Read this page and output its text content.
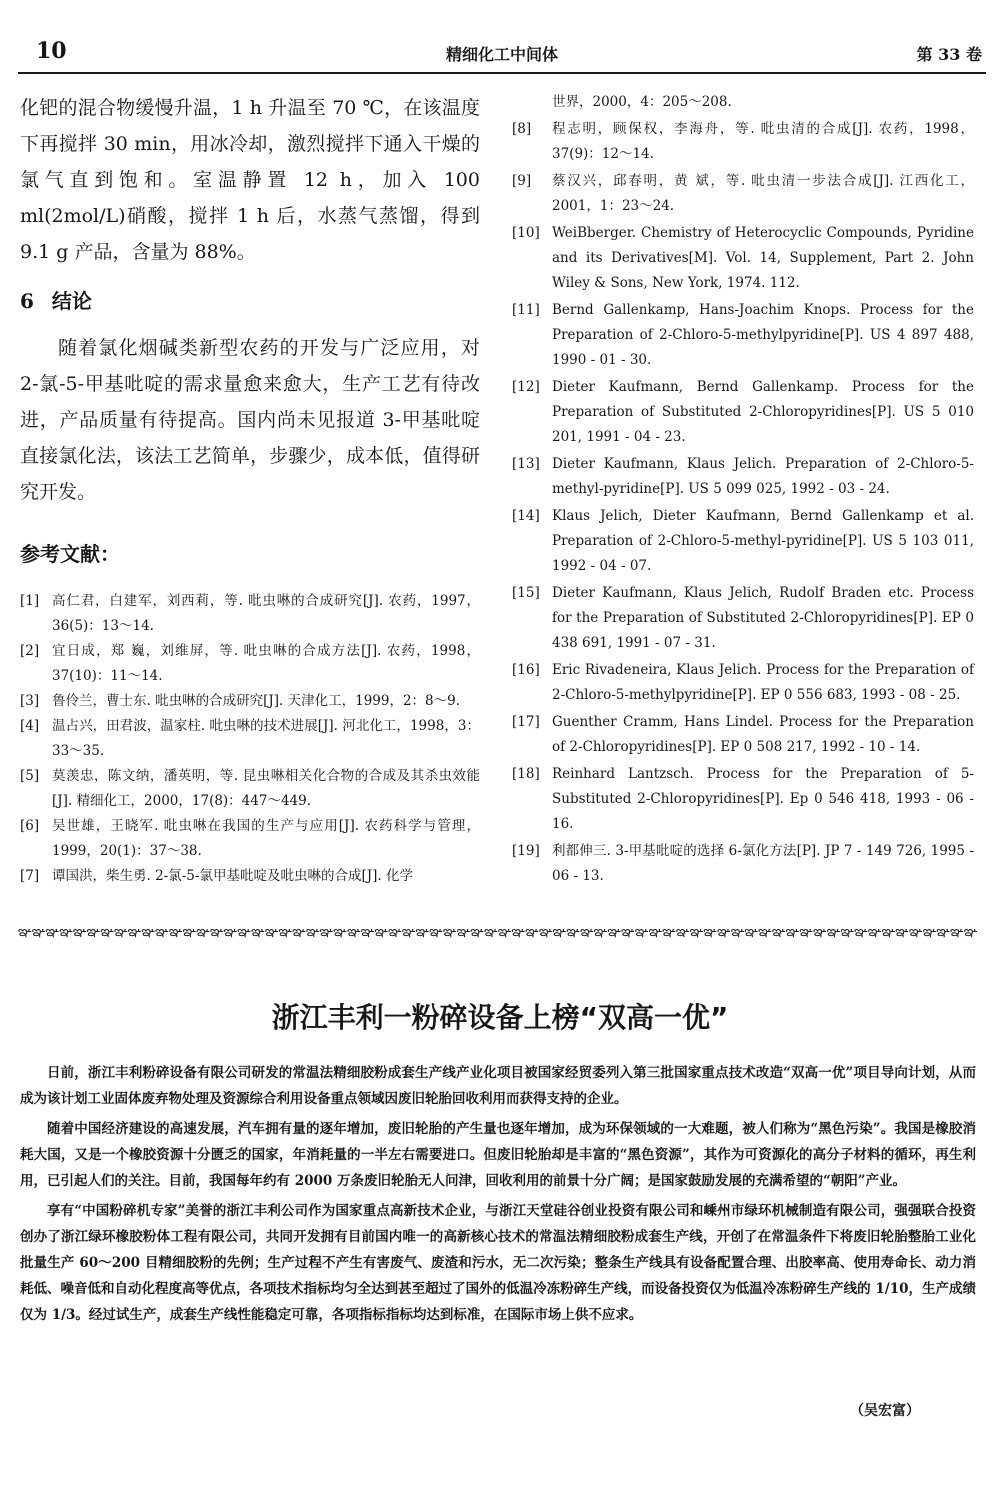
10	精细化工中间体	第 33 卷

化钯的混合物缓慢升温，1 h 升温至 70 ℃，在该温度下再搅拌 30 min，用冰冷却，激烈搅拌下通入干燥的氯气直到饱和。室温静置 12 h，加入 100 ml(2mol/L)硝酸，搅拌 1 h 后，水蒸气蒸馏，得到 9.1 g 产品，含量为 88%。

6 结论

随着氯化烟碱类新型农药的开发与广泛应用，对 2-氯-5-甲基吡啶的需求量愈来愈大，生产工艺有待改进，产品质量有待提高。国内尚未见报道 3-甲基吡啶直接氯化法，该法工艺简单，步骤少，成本低，值得研究开发。

参考文献：
[1] 高仁君，白建军，刘西莉，等. 吡虫啉的合成研究[J]. 农药，1997，36(5)：13～14.
[2] 宜日成，郑 巍，刘维屏，等. 吡虫啉的合成方法[J]. 农药，1998，37(10)：11～14.
[3] 鲁伶兰，曹士东. 吡虫啉的合成研究[J]. 天津化工，1999，2：8～9.
[4] 温占兴，田君波，温家柱. 吡虫啉的技术进展[J]. 河北化工，1998，3：33～35.
[5] 莫羡忠，陈文纳，潘英明，等. 昆虫啉相关化合物的合成及其杀虫效能[J]. 精细化工，2000，17(8)：447～449.
[6] 吴世雄，王晓军. 吡虫啉在我国的生产与应用[J]. 农药科学与管理，1999，20(1)：37～38.
[7] 谭国洪，柴生勇. 2-氯-5-氯甲基吡啶及吡虫啉的合成[J]. 化学
世界，2000，4：205～208.
[8]	程志明，顾保权，李海舟，等. 吡虫清的合成[J]. 农药，1998，37(9)：12～14.
[9]	蔡汉兴，邱春明，黄 斌，等. 吡虫清一步法合成[J]. 江西化工，2001，1：23～24.
[10] WeiBberger. Chemistry of Heterocyclic Compounds, Pyridine and its Derivatives[M]. Vol. 14, Supplement, Part 2. John Wiley & Sons, New York, 1974. 112.
[11] Bernd Gallenkamp, Hans-Joachim Knops. Process for the Preparation of 2-Chloro-5-methylpyridine[P]. US 4 897 488, 1990 - 01 - 30.
[12] Dieter Kaufmann, Bernd Gallenkamp. Process for the Preparation of Substituted 2-Chloropyridines[P]. US 5 010 201, 1991 - 04 - 23.
[13] Dieter Kaufmann, Klaus Jelich. Preparation of 2-Chloro-5-methyl-pyridine[P]. US 5 099 025, 1992 - 03 - 24.
[14] Klaus Jelich, Dieter Kaufmann, Bernd Gallenkamp et al. Preparation of 2-Chloro-5-methyl-pyridine[P]. US 5 103 011, 1992 - 04 - 07.
[15] Dieter Kaufmann, Klaus Jelich, Rudolf Braden etc. Process for the Preparation of Substituted 2-Chloropyridines[P]. EP 0 438 691, 1991 - 07 - 31.
[16] Eric Rivadeneira, Klaus Jelich. Process for the Preparation of 2-Chloro-5-methylpyridine[P]. EP 0 556 683, 1993 - 08 - 25.
[17] Guenther Cramm, Hans Lindel. Process for the Preparation of 2-Chloropyridines[P]. EP 0 508 217, 1992 - 10 - 14.
[18] Reinhard Lantzsch. Process for the Preparation of 5-Substituted 2-Chloropyridines[P]. Ep 0 546 418, 1993 - 06 - 16.
[19] 利都伸三. 3-甲基吡啶的选择 6-氯化方法[P]. JP 7 - 149 726, 1995 - 06 - 13.
ఞఞఞఞఞఞఞఞఞఞఞఞఞఞఞఞఞఞఞఞఞఞఞఞఞఞఞఞఞఞఞఞఞఞఞఞఞఞఞఞఞఞఞఞఞఞఞఞఞఞఞఞఞఞఞఞఞఞఞఞఞఞఞఞఞఞఞఞఞఞ
浙江丰利一粉碎设备上榜“双高一优”

日前，浙江丰利粉碎设备有限公司研发的常温法精细胶粉成套生产线产业化项目被国家经贸委列入第三批国家重点技术改造“双高一优”项目导向计划，从而成为该计划工业固体废弃物处理及资源综合利用设备重点领域因废旧轮胎回收利用而获得支持的企业。

随着中国经济建设的高速发展，汽车拥有量的逐年增加，废旧轮胎的产生量也逐年增加，成为环保领域的一大难题，被人们称为“黑色污染”。我国是橡胶消耗大国，又是一个橡胶资源十分匮乏的国家，年消耗量的一半左右需要进口。但废旧轮胎却是丰富的“黑色资源”，其作为可资源化的高分子材料的循环，再生利用，已引起人们的关注。目前，我国每年约有 2000 万条废旧轮胎无人问津，回收利用的前景十分广阔；是国家鼓励发展的充满希望的“朝阳”产业。

享有“中国粉碎机专家”美誉的浙江丰利公司作为国家重点高新技术企业，与浙江天堂硅谷创业投资有限公司和嵊州市绿环机械制造有限公司，强强联合投资创办了浙江绿环橡胶粉体工程有限公司，共同开发拥有目前国内唯一的高新核心技术的常温法精细胶粉成套生产线，开创了在常温条件下将废旧轮胎整胎工业化批量生产 60～200 目精细胶粉的先例；生产过程不产生有害废气、废渣和污水，无二次污染；整条生产线具有设备配置合理、出胶率高、使用寿命长、动力消耗低、噪音低和自动化程度高等优点，各项技术指标均匀全达到甚至超过了国外的低温冷冻粉碎生产线，而设备投资仅为低温冷冻粉碎生产线的 1/10，生产成绩仅为 1/3。经过试生产，成套生产线性能稳定可靠，各项指标指标均达到标准，在国际市场上供不应求。

（吴宏富）
